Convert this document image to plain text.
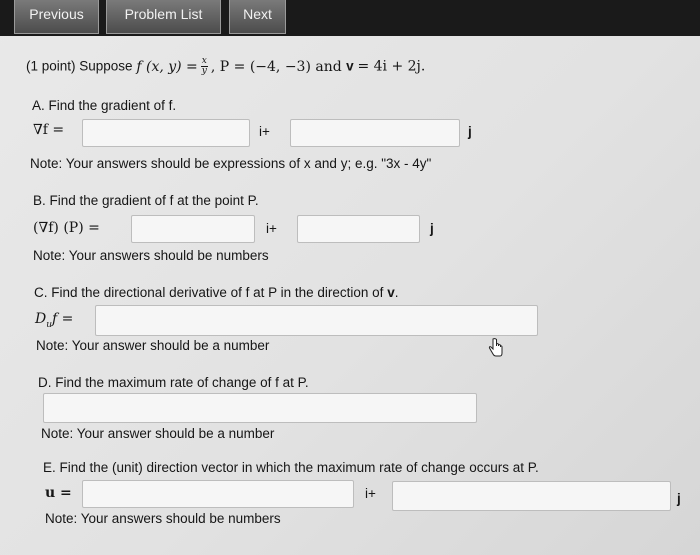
Previous	Problem List	Next
(1 point) Suppose f (x, $y) = \frac{x}{y}$ , P = (−4, −3) and v = 4i + 2j.
A. Find the gradient of f.
∇f =	i+	j
Note: Your answers should be expressions of x and y; e.g. "3x - 4y"
B. Find the gradient of f at the point P.
(∇f) (P) =	i+	j
Note: Your answers should be numbers
C. Find the directional derivative of f at P in the direction of v.
$D_uf$ =
Note: Your answer should be a number
D. Find the maximum rate of change of f at P.
Note: Your answer should be a number
E. Find the (unit) direction vector in which the maximum rate of change occurs at P.
u =	i+	j
Note: Your answers should be numbers
